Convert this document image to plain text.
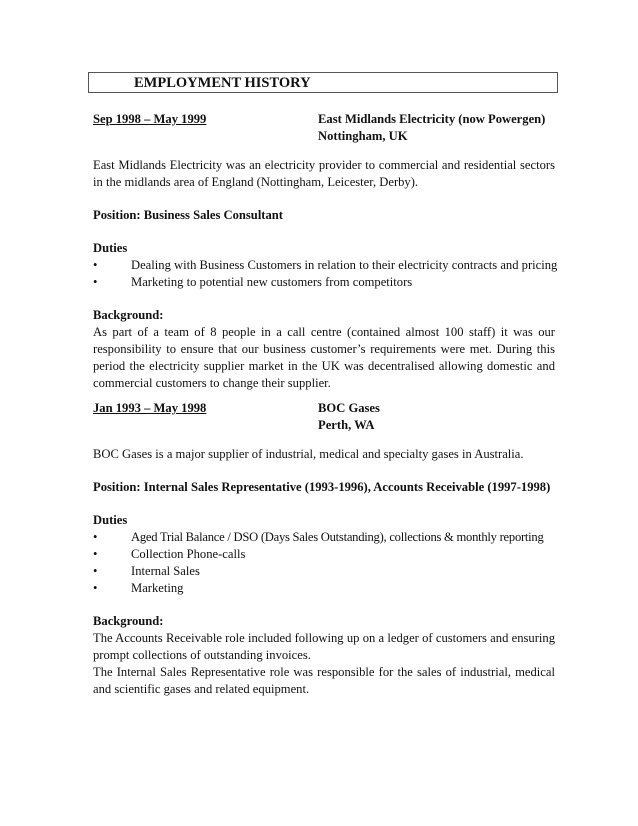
EMPLOYMENT HISTORY
Sep 1998 – May 1999	East Midlands Electricity (now Powergen)
Nottingham, UK

East Midlands Electricity was an electricity provider to commercial and residential sectors in the midlands area of England (Nottingham, Leicester, Derby).

Position: Business Sales Consultant

Duties

•	Dealing with Business Customers in relation to their electricity contracts and pricing
•	Marketing to potential new customers from competitors

Background:

As part of a team of 8 people in a call centre (contained almost 100 staff) it was our responsibility to ensure that our business customer’s requirements were met. During this period the electricity supplier market in the UK was decentralised allowing domestic and commercial customers to change their supplier.

Jan 1993 – May 1998	BOC Gases
Perth, WA

BOC Gases is a major supplier of industrial, medical and specialty gases in Australia.

Position: Internal Sales Representative (1993-1996), Accounts Receivable (1997-1998)

Duties

•	Aged Trial Balance / DSO (Days Sales Outstanding), collections & monthly reporting
•	Collection Phone-calls
•	Internal Sales
•	Marketing

Background:

The Accounts Receivable role included following up on a ledger of customers and ensuring prompt collections of outstanding invoices.

The Internal Sales Representative role was responsible for the sales of industrial, medical and scientific gases and related equipment.
